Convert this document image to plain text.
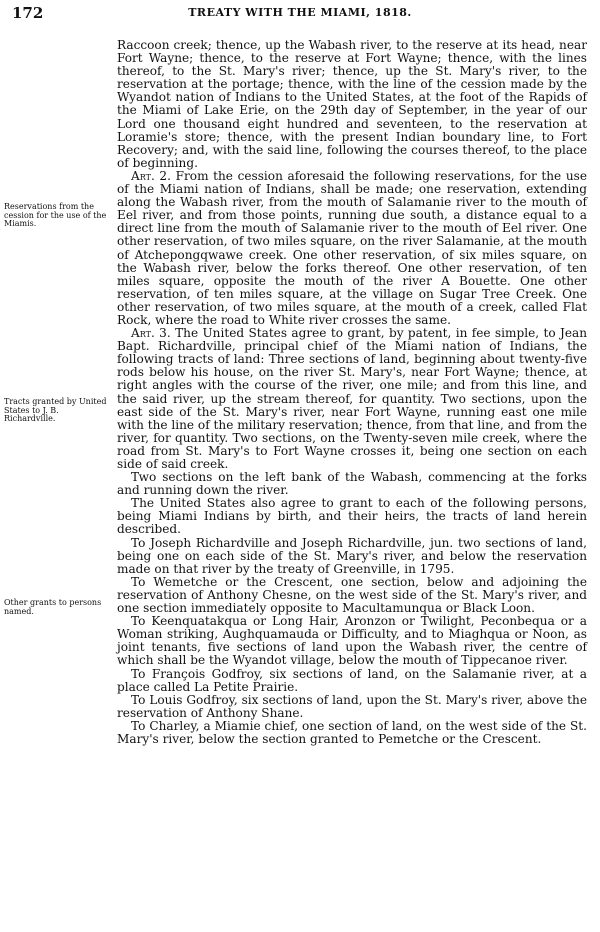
172	TREATY WITH THE MIAMI, 1818.
Reservations from the cession for the use of the Miamis.
Tracts granted by United States to J. B. Richardville.
Other grants to persons named.

Raccoon creek; thence, up the Wabash river, to the reserve at its head, near Fort Wayne; thence, to the reserve at Fort Wayne; thence, with the lines thereof, to the St. Mary's river; thence, up the St. Mary's river, to the reservation at the portage; thence, with the line of the cession made by the Wyandot nation of Indians to the United States, at the foot of the Rapids of the Miami of Lake Erie, on the 29th day of September, in the year of our Lord one thousand eight hundred and seventeen, to the reservation at Loramie's store; thence, with the present Indian boundary line, to Fort Recovery; and, with the said line, following the courses thereof, to the place of beginning.

Art. 2. From the cession aforesaid the following reservations, for the use of the Miami nation of Indians, shall be made; one reservation, extending along the Wabash river, from the mouth of Salamanie river to the mouth of Eel river, and from those points, running due south, a distance equal to a direct line from the mouth of Salamanie river to the mouth of Eel river. One other reservation, of two miles square, on the river Salamanie, at the mouth of Atchepongqwawe creek. One other reservation, of six miles square, on the Wabash river, below the forks thereof. One other reservation, of ten miles square, opposite the mouth of the river A Bouette. One other reservation, of ten miles square, at the village on Sugar Tree Creek. One other reservation, of two miles square, at the mouth of a creek, called Flat Rock, where the road to White river crosses the same.

Art. 3. The United States agree to grant, by patent, in fee simple, to Jean Bapt. Richardville, principal chief of the Miami nation of Indians, the following tracts of land: Three sections of land, beginning about twenty-five rods below his house, on the river St. Mary's, near Fort Wayne; thence, at right angles with the course of the river, one mile; and from this line, and the said river, up the stream thereof, for quantity. Two sections, upon the east side of the St. Mary's river, near Fort Wayne, running east one mile with the line of the military reservation; thence, from that line, and from the river, for quantity. Two sections, on the Twenty-seven mile creek, where the road from St. Mary's to Fort Wayne crosses it, being one section on each side of said creek.

Two sections on the left bank of the Wabash, commencing at the forks and running down the river.

The United States also agree to grant to each of the following persons, being Miami Indians by birth, and their heirs, the tracts of land herein described.

To Joseph Richardville and Joseph Richardville, jun. two sections of land, being one on each side of the St. Mary's river, and below the reservation made on that river by the treaty of Greenville, in 1795.

To Wemetche or the Crescent, one section, below and adjoining the reservation of Anthony Chesne, on the west side of the St. Mary's river, and one section immediately opposite to Macultamunqua or Black Loon.

To Keenquatakqua or Long Hair, Aronzon or Twilight, Peconbequa or a Woman striking, Aughquamauda or Difficulty, and to Miaghqua or Noon, as joint tenants, five sections of land upon the Wabash river, the centre of which shall be the Wyandot village, below the mouth of Tippecanoe river.

To François Godfroy, six sections of land, on the Salamanie river, at a place called La Petite Prairie.

To Louis Godfroy, six sections of land, upon the St. Mary's river, above the reservation of Anthony Shane.

To Charley, a Miamie chief, one section of land, on the west side of the St. Mary's river, below the section granted to Pemetche or the Crescent.
